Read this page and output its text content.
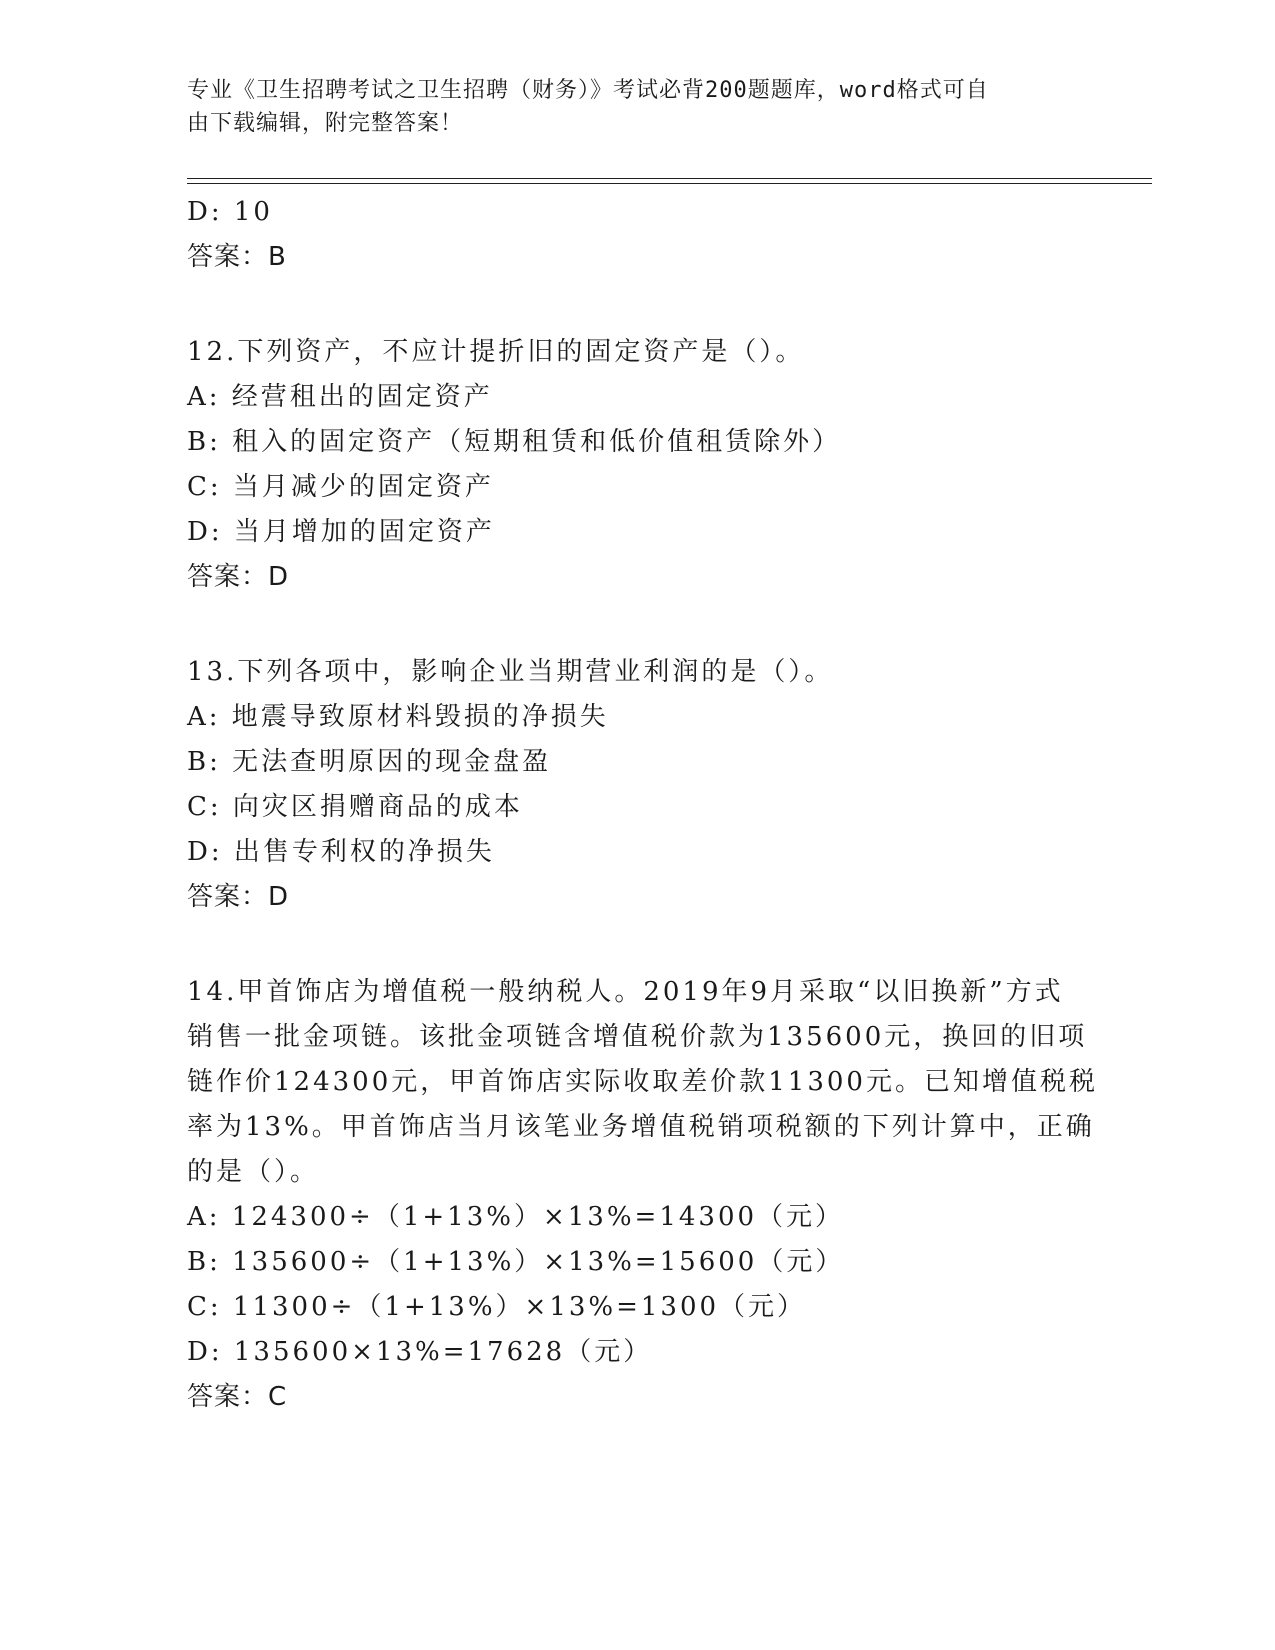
专业《卫生招聘考试之卫生招聘（财务）》考试必背200题题库，word格式可自
由下载编辑，附完整答案！
D: 10
答案：B
12.下列资产，不应计提折旧的固定资产是（）。
A: 经营租出的固定资产
B: 租入的固定资产（短期租赁和低价值租赁除外）
C: 当月减少的固定资产
D: 当月增加的固定资产
答案：D
13.下列各项中，影响企业当期营业利润的是（）。
A: 地震导致原材料毁损的净损失
B: 无法查明原因的现金盘盈
C: 向灾区捐赠商品的成本
D: 出售专利权的净损失
答案：D
14.甲首饰店为增值税一般纳税人。2019年9月采取“以旧换新”方式
销售一批金项链。该批金项链含增值税价款为135600元，换回的旧项
链作价124300元，甲首饰店实际收取差价款11300元。已知增值税税
率为13%。甲首饰店当月该笔业务增值税销项税额的下列计算中，正确
的是（）。
A: 124300÷（1+13%）×13%=14300（元）
B: 135600÷（1+13%）×13%=15600（元）
C: 11300÷（1+13%）×13%=1300（元）
D: 135600×13%=17628（元）
答案：C
